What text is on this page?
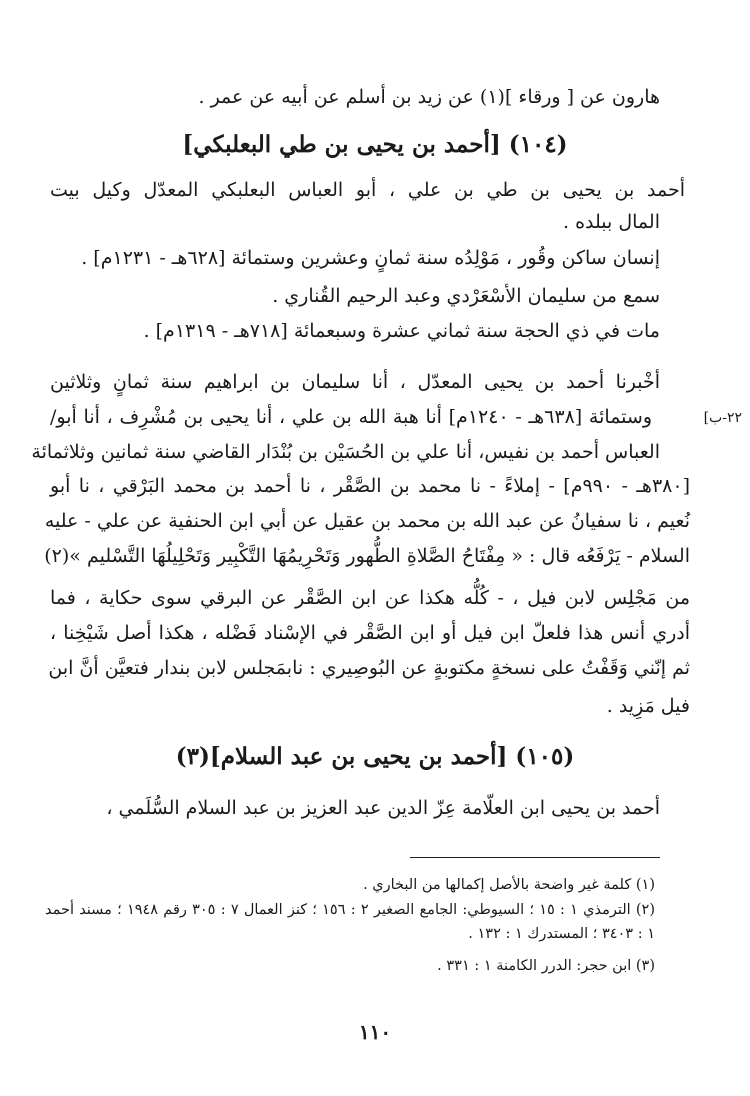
هارون عن [ ورقاء ](١) عن زيد بن أسلم عن أبيه عن عمر .
(١٠٤) [أحمد بن يحيى بن طي البعلبكي]
أحمد بن يحيى بن طي بن علي ، أبو العباس البعلبكي المعدّل وكيل بيت
المال ببلده .
إنسان ساكن وقُور ، مَوْلِدُه سنة ثمانٍ وعشرين وستمائة [٦٢٨هـ - ١٢٣١م] .
سمع من سليمان الأسْعَرْدي وعبد الرحيم القُناري .
مات في ذي الحجة سنة ثماني عشرة وسبعمائة [٧١٨هـ - ١٣١٩م] .
أخْبرنا أحمد بن يحيى المعدّل ، أنا سليمان بن ابراهيم سنة ثمانٍ وثلاثين
وستمائة [٦٣٨هـ - ١٢٤٠م] أنا هبة الله بن علي ، أنا يحيى بن مُشْرِف ، أنا أبو/	[٢٢-ب
العباس أحمد بن نفيس، أنا علي بن الحُسَيْن بن بُنْدَار القاضي سنة ثمانين وثلاثمائة
[٣٨٠هـ - ٩٩٠م] - إملاءً - نا محمد بن الصَّقْر ، نا أحمد بن محمد البَرْقي ، نا أبو
نُعيم ، نا سفيانُ عن عبد الله بن محمد بن عقيل عن أبي ابن الحنفية عن علي - عليه
السلام - يَرْفَعُه قال : « مِفْتَاحُ الصَّلاةِ الطُّهور وَتَحْرِيمُهَا التَّكْبِير وَتَحْلِيلُهَا التَّسْليم »(٢)
من مَجْلِس لابن فيل ، - كُلُّه هكذا عن ابن الصَّقْر عن البرقي سوى حكاية ، فما
أدري أنس هذا فلعلّ ابن فيل أو ابن الصَّقْر في الإسْناد فَضْله ، هكذا أصل شَيْخِنا ،
ثم إنّني وَقَفْتُ على نسخةٍ مكتوبةٍ عن البُوصِيري : نابمَجلس لابن بندار فتعيَّن أنَّ ابن
فيل مَزِيد .
(١٠٥) [أحمد بن يحيى بن عبد السلام](٣)
أحمد بن يحيى ابن العلّامة عِزّ الدين عبد العزيز بن عبد السلام السُّلَمي ،
(١) كلمة غير واضحة بالأصل إكمالها من البخاري .
(٢) الترمذي ١ : ١٥ ؛ السيوطي: الجامع الصغير ٢ : ١٥٦ ؛ كنز العمال ٧ : ٣٠٥ رقم ١٩٤٨ ؛ مسند أحمد
١ : ٣٤٠٣ ؛ المستدرك ١ : ١٣٢ .
(٣) ابن حجر: الدرر الكامنة ١ : ٣٣١ .
١١٠
